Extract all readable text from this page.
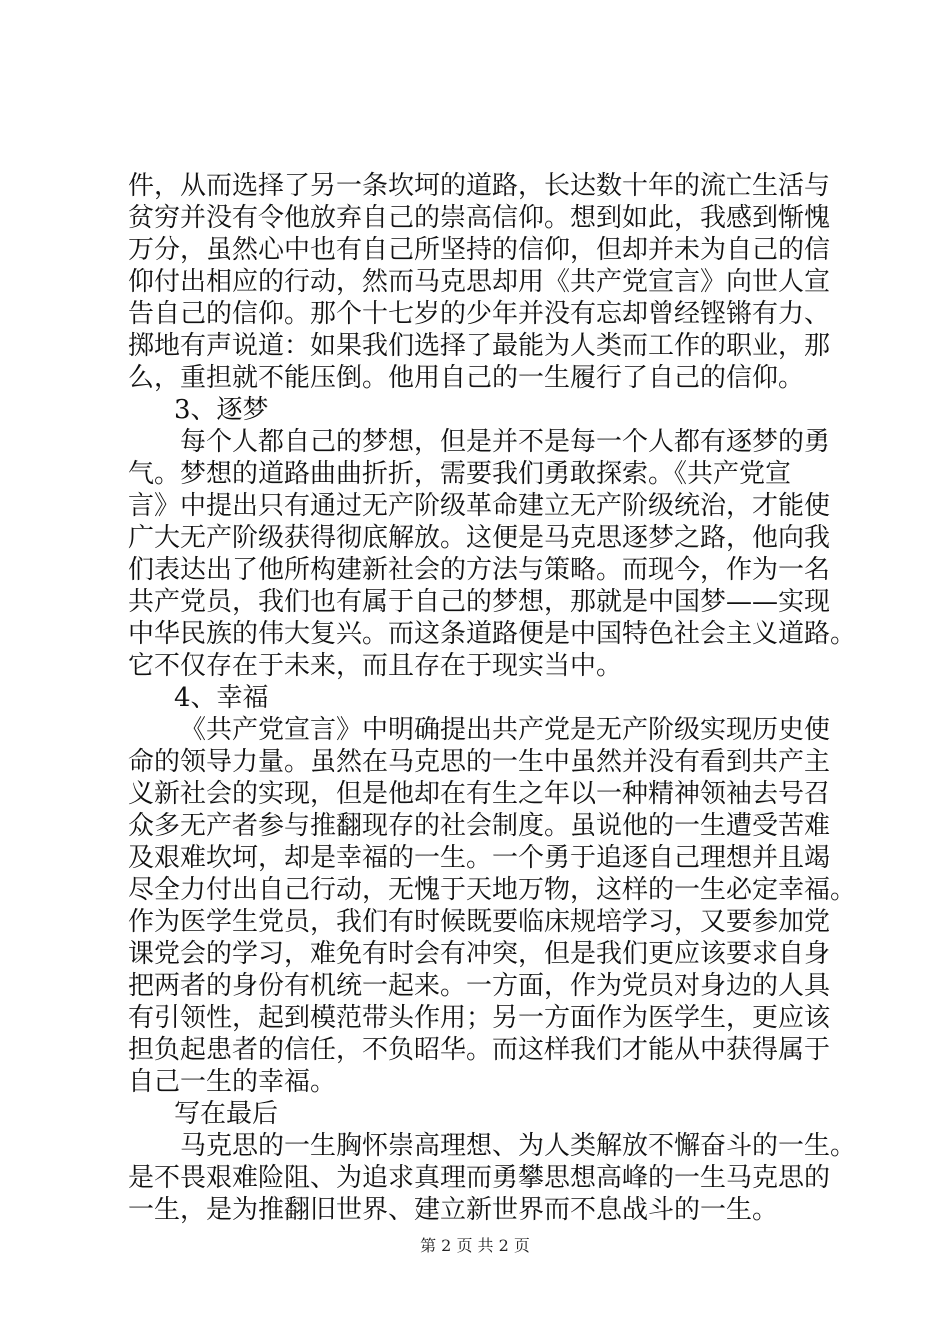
件，从而选择了另一条坎坷的道路，长达数十年的流亡生活与
贫穷并没有令他放弃自己的崇高信仰。想到如此，我感到惭愧
万分，虽然心中也有自己所坚持的信仰，但却并未为自己的信
仰付出相应的行动，然而马克思却用《共产党宣言》向世人宣
告自己的信仰。那个十七岁的少年并没有忘却曾经铿锵有力、
掷地有声说道：如果我们选择了最能为人类而工作的职业，那
么，重担就不能压倒。他用自己的一生履行了自己的信仰。
3、逐梦
每个人都自己的梦想，但是并不是每一个人都有逐梦的勇
气。梦想的道路曲曲折折，需要我们勇敢探索。《共产党宣
言》中提出只有通过无产阶级革命建立无产阶级统治，才能使
广大无产阶级获得彻底解放。这便是马克思逐梦之路，他向我
们表达出了他所构建新社会的方法与策略。而现今，作为一名
共产党员，我们也有属于自己的梦想，那就是中国梦——实现
中华民族的伟大复兴。而这条道路便是中国特色社会主义道路。
它不仅存在于未来，而且存在于现实当中。
4、幸福
《共产党宣言》中明确提出共产党是无产阶级实现历史使
命的领导力量。虽然在马克思的一生中虽然并没有看到共产主
义新社会的实现，但是他却在有生之年以一种精神领袖去号召
众多无产者参与推翻现存的社会制度。虽说他的一生遭受苦难
及艰难坎坷，却是幸福的一生。一个勇于追逐自己理想并且竭
尽全力付出自己行动，无愧于天地万物，这样的一生必定幸福。
作为医学生党员，我们有时候既要临床规培学习，又要参加党
课党会的学习，难免有时会有冲突，但是我们更应该要求自身
把两者的身份有机统一起来。一方面，作为党员对身边的人具
有引领性，起到模范带头作用；另一方面作为医学生，更应该
担负起患者的信任，不负昭华。而这样我们才能从中获得属于
自己一生的幸福。
写在最后
马克思的一生胸怀崇高理想、为人类解放不懈奋斗的一生。
是不畏艰难险阻、为追求真理而勇攀思想高峰的一生马克思的
一生，是为推翻旧世界、建立新世界而不息战斗的一生。
第 2 页 共 2 页
